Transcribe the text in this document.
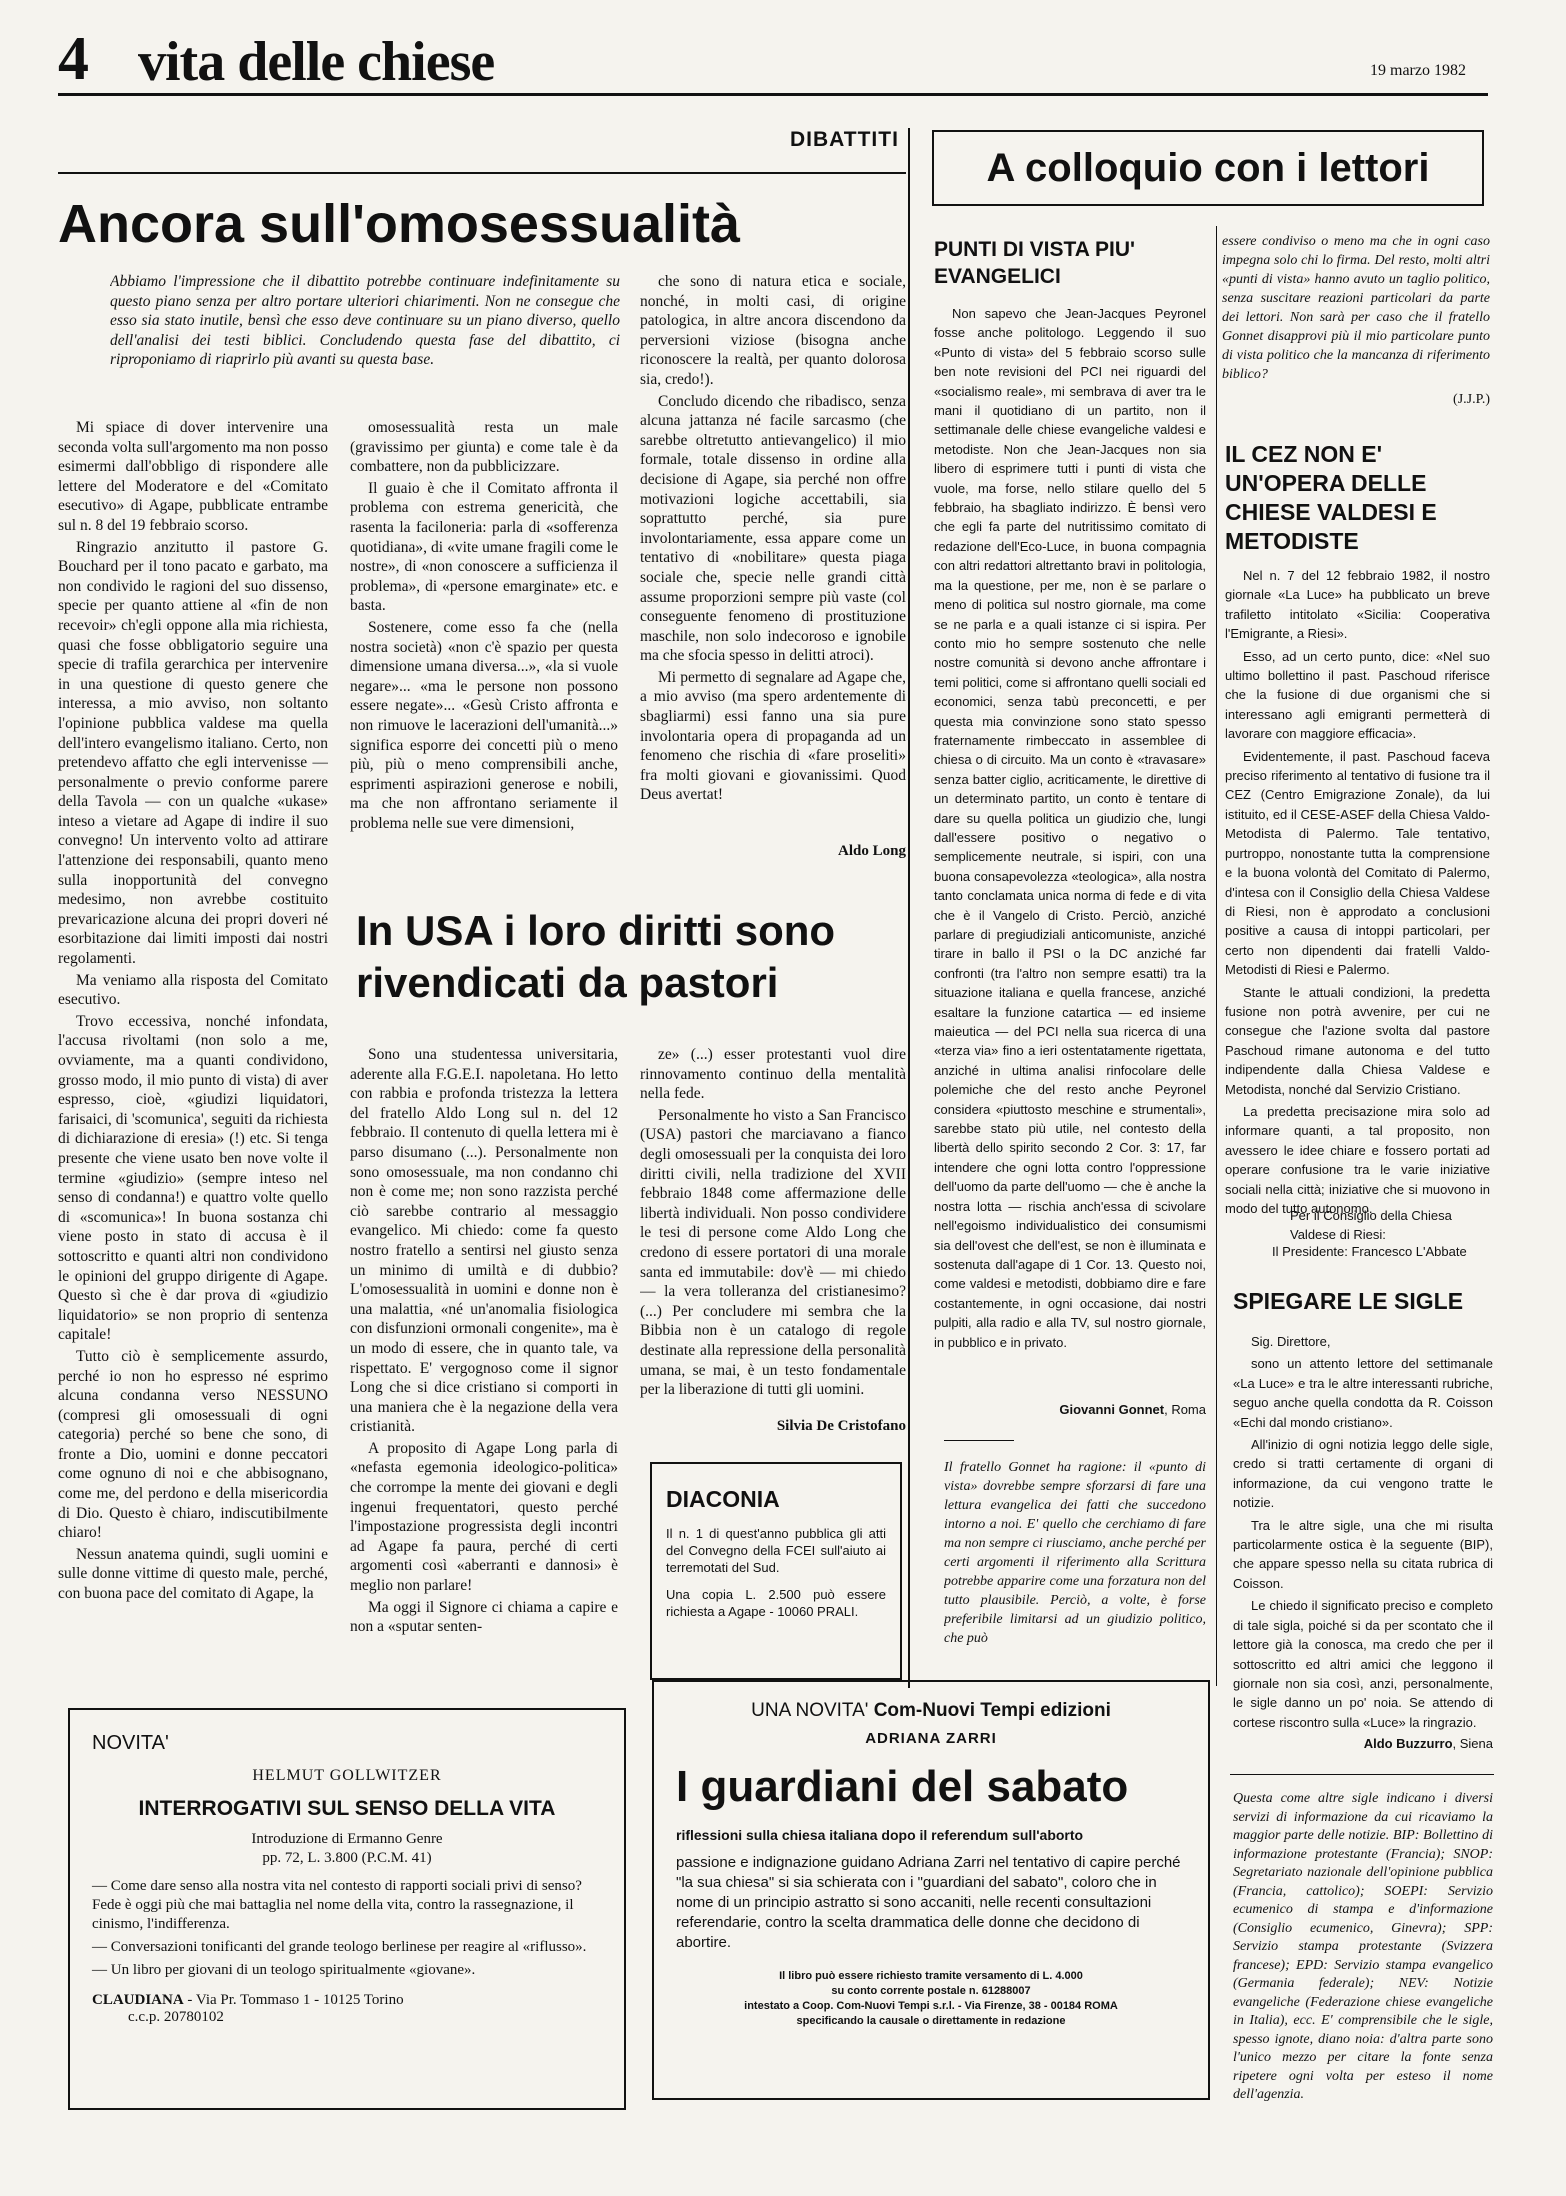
4 vita delle chiese	19 marzo 1982
DIBATTITI
A colloquio con i lettori
Ancora sull'omosessualità
Abbiamo l'impressione che il dibattito potrebbe continuare indefinitamente su questo piano senza per altro portare ulteriori chiarimenti. Non ne consegue che esso sia stato inutile, bensì che esso deve continuare su un piano diverso, quello dell'analisi dei testi biblici. Concludendo questa fase del dibattito, ci riproponiamo di riaprirlo più avanti su questa base.

Mi spiace di dover intervenire una seconda volta sull'argomento ma non posso esimermi dall'obbligo di rispondere alle lettere del Moderatore e del «Comitato esecutivo» di Agape, pubblicate entrambe sul n. 8 del 19 febbraio scorso.

Ringrazio anzitutto il pastore G. Bouchard per il tono pacato e garbato, ma non condivido le ragioni del suo dissenso, specie per quanto attiene al «fin de non recevoir» ch'egli oppone alla mia richiesta, quasi che fosse obbligatorio seguire una specie di trafila gerarchica per intervenire in una questione di questo genere che interessa, a mio avviso, non soltanto l'opinione pubblica valdese ma quella dell'intero evangelismo italiano. Certo, non pretendevo affatto che egli intervenisse — personalmente o previo conforme parere della Tavola — con un qualche «ukase» inteso a vietare ad Agape di indire il suo convegno! Un intervento volto ad attirare l'attenzione dei responsabili, quanto meno sulla inopportunità del convegno medesimo, non avrebbe costituito prevaricazione alcuna dei propri doveri né esorbitazione dai limiti imposti dai nostri regolamenti.

Ma veniamo alla risposta del Comitato esecutivo.

Trovo eccessiva, nonché infondata, l'accusa rivoltami (non solo a me, ovviamente, ma a quanti condividono, grosso modo, il mio punto di vista) di aver espresso, cioè, «giudizi liquidatori, farisaici, di 'scomunica', seguiti da richiesta di dichiarazione di eresia» (!) etc. Si tenga presente che viene usato ben nove volte il termine «giudizio» (sempre inteso nel senso di condanna!) e quattro volte quello di «scomunica»! In buona sostanza chi viene posto in stato di accusa è il sottoscritto e quanti altri non condividono le opinioni del gruppo dirigente di Agape. Questo sì che è dar prova di «giudizio liquidatorio» se non proprio di sentenza capitale!

Tutto ciò è semplicemente assurdo, perché io non ho espresso né esprimo alcuna condanna verso NESSUNO (compresi gli omosessuali di ogni categoria) perché so bene che sono, di fronte a Dio, uomini e donne peccatori come ognuno di noi e che abbisognano, come me, del perdono e della misericordia di Dio. Questo è chiaro, indiscutibilmente chiaro!

Nessun anatema quindi, sugli uomini e sulle donne vittime di questo male, perché, con buona pace del comitato di Agape, la

omosessualità resta un male (gravissimo per giunta) e come tale è da combattere, non da pubblicizzare.

Il guaio è che il Comitato affronta il problema con estrema genericità, che rasenta la faciloneria: parla di «sofferenza quotidiana», di «vite umane fragili come le nostre», di «non conoscere a sufficienza il problema», di «persone emarginate» etc. e basta.

Sostenere, come esso fa che (nella nostra società) «non c'è spazio per questa dimensione umana diversa...», «la si vuole negare»... «ma le persone non possono essere negate»... «Gesù Cristo affronta e non rimuove le lacerazioni dell'umanità...» significa esporre dei concetti più o meno più, più o meno comprensibili anche, esprimenti aspirazioni generose e nobili, ma che non affrontano seriamente il problema nelle sue vere dimensioni,

che sono di natura etica e sociale, nonché, in molti casi, di origine patologica, in altre ancora discendono da perversioni viziose (bisogna anche riconoscere la realtà, per quanto dolorosa sia, credo!).

Concludo dicendo che ribadisco, senza alcuna jattanza né facile sarcasmo (che sarebbe oltretutto antievangelico) il mio formale, totale dissenso in ordine alla decisione di Agape, sia perché non offre motivazioni logiche accettabili, sia soprattutto perché, sia pure involontariamente, essa appare come un tentativo di «nobilitare» questa piaga sociale che, specie nelle grandi città assume proporzioni sempre più vaste (col conseguente fenomeno di prostituzione maschile, non solo indecoroso e ignobile ma che sfocia spesso in delitti atroci).

Mi permetto di segnalare ad Agape che, a mio avviso (ma spero ardentemente di sbagliarmi) essi fanno una sia pure involontaria opera di propaganda ad un fenomeno che rischia di «fare proseliti» fra molti giovani e giovanissimi. Quod Deus avertat!

Aldo Long
In USA i loro diritti sono rivendicati da pastori

Sono una studentessa universitaria, aderente alla F.G.E.I. napoletana. Ho letto con rabbia e profonda tristezza la lettera del fratello Aldo Long sul n. del 12 febbraio. Il contenuto di quella lettera mi è parso disumano (...). Personalmente non sono omosessuale, ma non condanno chi non è come me; non sono razzista perché ciò sarebbe contrario al messaggio evangelico. Mi chiedo: come fa questo nostro fratello a sentirsi nel giusto senza un minimo di umiltà e di dubbio? L'omosessualità in uomini e donne non è una malattia, «né un'anomalia fisiologica con disfunzioni ormonali congenite», ma è un modo di essere, che in quanto tale, va rispettato. E' vergognoso come il signor Long che si dice cristiano si comporti in una maniera che è la negazione della vera cristianità.

A proposito di Agape Long parla di «nefasta egemonia ideologico-politica» che corrompe la mente dei giovani e degli ingenui frequentatori, questo perché l'impostazione progressista degli incontri ad Agape fa paura, perché di certi argomenti così «aberranti e dannosi» è meglio non parlare!

Ma oggi il Signore ci chiama a capire e non a «sputar senten-

ze» (...) esser protestanti vuol dire rinnovamento continuo della mentalità nella fede.

Personalmente ho visto a San Francisco (USA) pastori che marciavano a fianco degli omosessuali per la conquista dei loro diritti civili, nella tradizione del XVII febbraio 1848 come affermazione delle libertà individuali. Non posso condividere le tesi di persone come Aldo Long che credono di essere portatori di una morale santa ed immutabile: dov'è — mi chiedo — la vera tolleranza del cristianesimo? (...) Per concludere mi sembra che la Bibbia non è un catalogo di regole destinate alla repressione della personalità umana, se mai, è un testo fondamentale per la liberazione di tutti gli uomini.

Silvia De Cristofano
DIACONIA
Il n. 1 di quest'anno pubblica gli atti del Convegno della FCEI sull'aiuto ai terremotati del Sud.
Una copia L. 2.500 può essere richiesta a Agape - 10060 PRALI.
PUNTI DI VISTA PIU' EVANGELICI

Non sapevo che Jean-Jacques Peyronel fosse anche politologo. Leggendo il suo «Punto di vista» del 5 febbraio scorso sulle ben note revisioni del PCI nei riguardi del «socialismo reale», mi sembrava di aver tra le mani il quotidiano di un partito, non il settimanale delle chiese evangeliche valdesi e metodiste. Non che Jean-Jacques non sia libero di esprimere tutti i punti di vista che vuole, ma forse, nello stilare quello del 5 febbraio, ha sbagliato indirizzo. È bensì vero che egli fa parte del nutritissimo comitato di redazione dell'Eco-Luce, in buona compagnia con altri redattori altrettanto bravi in politologia, ma la questione, per me, non è se parlare o meno di politica sul nostro giornale, ma come se ne parla e a quali istanze ci si ispira. Per conto mio ho sempre sostenuto che nelle nostre comunità si devono anche affrontare i temi politici, come si affrontano quelli sociali ed economici, senza tabù preconcetti, e per questa mia convinzione sono stato spesso fraternamente rimbeccato in assemblee di chiesa o di circuito. Ma un conto è «travasare» senza batter ciglio, acriticamente, le direttive di un determinato partito, un conto è tentare di dare su quella politica un giudizio che, lungi dall'essere positivo o negativo o semplicemente neutrale, si ispiri, con una buona consapevolezza «teologica», alla nostra tanto conclamata unica norma di fede e di vita che è il Vangelo di Cristo. Perciò, anziché parlare di pregiudiziali anticomuniste, anziché tirare in ballo il PSI o la DC anziché far confronti (tra l'altro non sempre esatti) tra la situazione italiana e quella francese, anziché esaltare la funzione catartica — ed insieme maieutica — del PCI nella sua ricerca di una «terza via» fino a ieri ostentatamente rigettata, anziché in ultima analisi rinfocolare delle polemiche che del resto anche Peyronel considera «piuttosto meschine e strumentali», sarebbe stato più utile, nel contesto della libertà dello spirito secondo 2 Cor. 3: 17, far intendere che ogni lotta contro l'oppressione dell'uomo da parte dell'uomo — che è anche la nostra lotta — rischia anch'essa di scivolare nell'egoismo individualistico dei consumismi sia dell'ovest che dell'est, se non è illuminata e sostenuta dall'agape di 1 Cor. 13. Questo noi, come valdesi e metodisti, dobbiamo dire e fare costantemente, in ogni occasione, dai nostri pulpiti, alla radio e alla TV, sul nostro giornale, in pubblico e in privato.

Giovanni Gonnet, Roma
Il fratello Gonnet ha ragione: il «punto di vista» dovrebbe sempre sforzarsi di fare una lettura evangelica dei fatti che succedono intorno a noi. E' quello che cerchiamo di fare ma non sempre ci riusciamo, anche perché per certi argomenti il riferimento alla Scrittura potrebbe apparire come una forzatura non del tutto plausibile. Perciò, a volte, è forse preferibile limitarsi ad un giudizio politico, che può
essere condiviso o meno ma che in ogni caso impegna solo chi lo firma. Del resto, molti altri «punti di vista» hanno avuto un taglio politico, senza suscitare reazioni particolari da parte dei lettori. Non sarà per caso che il fratello Gonnet disapprovi più il mio particolare punto di vista politico che la mancanza di riferimento biblico?
(J.J.P.)
IL CEZ NON E' UN'OPERA DELLE CHIESE VALDESI E METODISTE

Nel n. 7 del 12 febbraio 1982, il nostro giornale «La Luce» ha pubblicato un breve trafiletto intitolato «Sicilia: Cooperativa l'Emigrante, a Riesi».

Esso, ad un certo punto, dice: «Nel suo ultimo bollettino il past. Paschoud riferisce che la fusione di due organismi che si interessano agli emigranti permetterà di lavorare con maggiore efficacia».

Evidentemente, il past. Paschoud faceva preciso riferimento al tentativo di fusione tra il CEZ (Centro Emigrazione Zonale), da lui istituito, ed il CESE-ASEF della Chiesa Valdo-Metodista di Palermo. Tale tentativo, purtroppo, nonostante tutta la comprensione e la buona volontà del Comitato di Palermo, d'intesa con il Consiglio della Chiesa Valdese di Riesi, non è approdato a conclusioni positive a causa di intoppi particolari, per certo non dipendenti dai fratelli Valdo-Metodisti di Riesi e Palermo.

Stante le attuali condizioni, la predetta fusione non potrà avvenire, per cui ne consegue che l'azione svolta dal pastore Paschoud rimane autonoma e del tutto indipendente dalla Chiesa Valdese e Metodista, nonché dal Servizio Cristiano.

La predetta precisazione mira solo ad informare quanti, a tal proposito, non avessero le idee chiare e fossero portati ad operare confusione tra le varie iniziative sociali nella città; iniziative che si muovono in modo del tutto autonomo.

Per il Consiglio della Chiesa Valdese di Riesi:
Il Presidente: Francesco L'Abbate
SPIEGARE LE SIGLE

Sig. Direttore,

sono un attento lettore del settimanale «La Luce» e tra le altre interessanti rubriche, seguo anche quella condotta da R. Coisson «Echi dal mondo cristiano».

All'inizio di ogni notizia leggo delle sigle, credo si tratti certamente di organi di informazione, da cui vengono tratte le notizie.

Tra le altre sigle, una che mi risulta particolarmente ostica è la seguente (BIP), che appare spesso nella su citata rubrica di Coisson.

Le chiedo il significato preciso e completo di tale sigla, poiché si da per scontato che il lettore già la conosca, ma credo che per il sottoscritto ed altri amici che leggono il giornale non sia così, anzi, personalmente, le sigle danno un po' noia. Se attendo di cortese riscontro sulla «Luce» la ringrazio.

Aldo Buzzurro, Siena
Questa come altre sigle indicano i diversi servizi di informazione da cui ricaviamo la maggior parte delle notizie. BIP: Bollettino di informazione protestante (Francia); SNOP: Segretariato nazionale dell'opinione pubblica (Francia, cattolico); SOEPI: Servizio ecumenico di stampa e d'informazione (Consiglio ecumenico, Ginevra); SPP: Servizio stampa protestante (Svizzera francese); EPD: Servizio stampa evangelico (Germania federale); NEV: Notizie evangeliche (Federazione chiese evangeliche in Italia), ecc. E' comprensibile che le sigle, spesso ignote, diano noia: d'altra parte sono l'unico mezzo per citare la fonte senza ripetere ogni volta per esteso il nome dell'agenzia.
NOVITA'
HELMUT GOLLWITZER
INTERROGATIVI SUL SENSO DELLA VITA
Introduzione di Ermanno Genre
pp. 72, L. 3.800 (P.C.M. 41)
— Come dare senso alla nostra vita nel contesto di rapporti sociali privi di senso? Fede è oggi più che mai battaglia nel nome della vita, contro la rassegnazione, il cinismo, l'indifferenza.
— Conversazioni tonificanti del grande teologo berlinese per reagire al «riflusso».
— Un libro per giovani di un teologo spiritualmente «giovane».
CLAUDIANA - Via Pr. Tommaso 1 - 10125 Torino
c.c.p. 20780102
UNA NOVITA' Com-Nuovi Tempi edizioni
ADRIANA ZARRI
I guardiani del sabato
riflessioni sulla chiesa italiana dopo il referendum sull'aborto
passione e indignazione guidano Adriana Zarri nel tentativo di capire perché "la sua chiesa" si sia schierata con i "guardiani del sabato", coloro che in nome di un principio astratto si sono accaniti, nelle recenti consultazioni referendarie, contro la scelta drammatica delle donne che decidono di abortire.
Il libro può essere richiesto tramite versamento di L. 4.000
su conto corrente postale n. 61288007
intestato a Coop. Com-Nuovi Tempi s.r.l. - Via Firenze, 38 - 00184 ROMA
specificando la causale o direttamente in redazione
